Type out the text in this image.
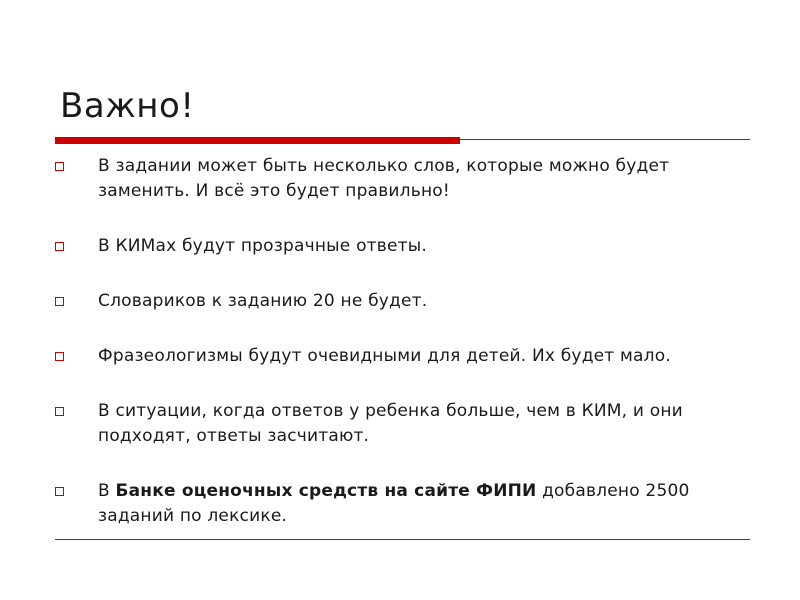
Важно!
В задании может быть несколько слов, которые можно будет заменить. И всё это будет правильно!
В КИМах будут прозрачные ответы.
Словариков к заданию 20 не будет.
Фразеологизмы будут очевидными для детей. Их будет мало.
В ситуации, когда ответов у ребенка больше, чем в КИМ, и они подходят, ответы засчитают.
В Банке оценочных средств на сайте ФИПИ добавлено 2500 заданий по лексике.
